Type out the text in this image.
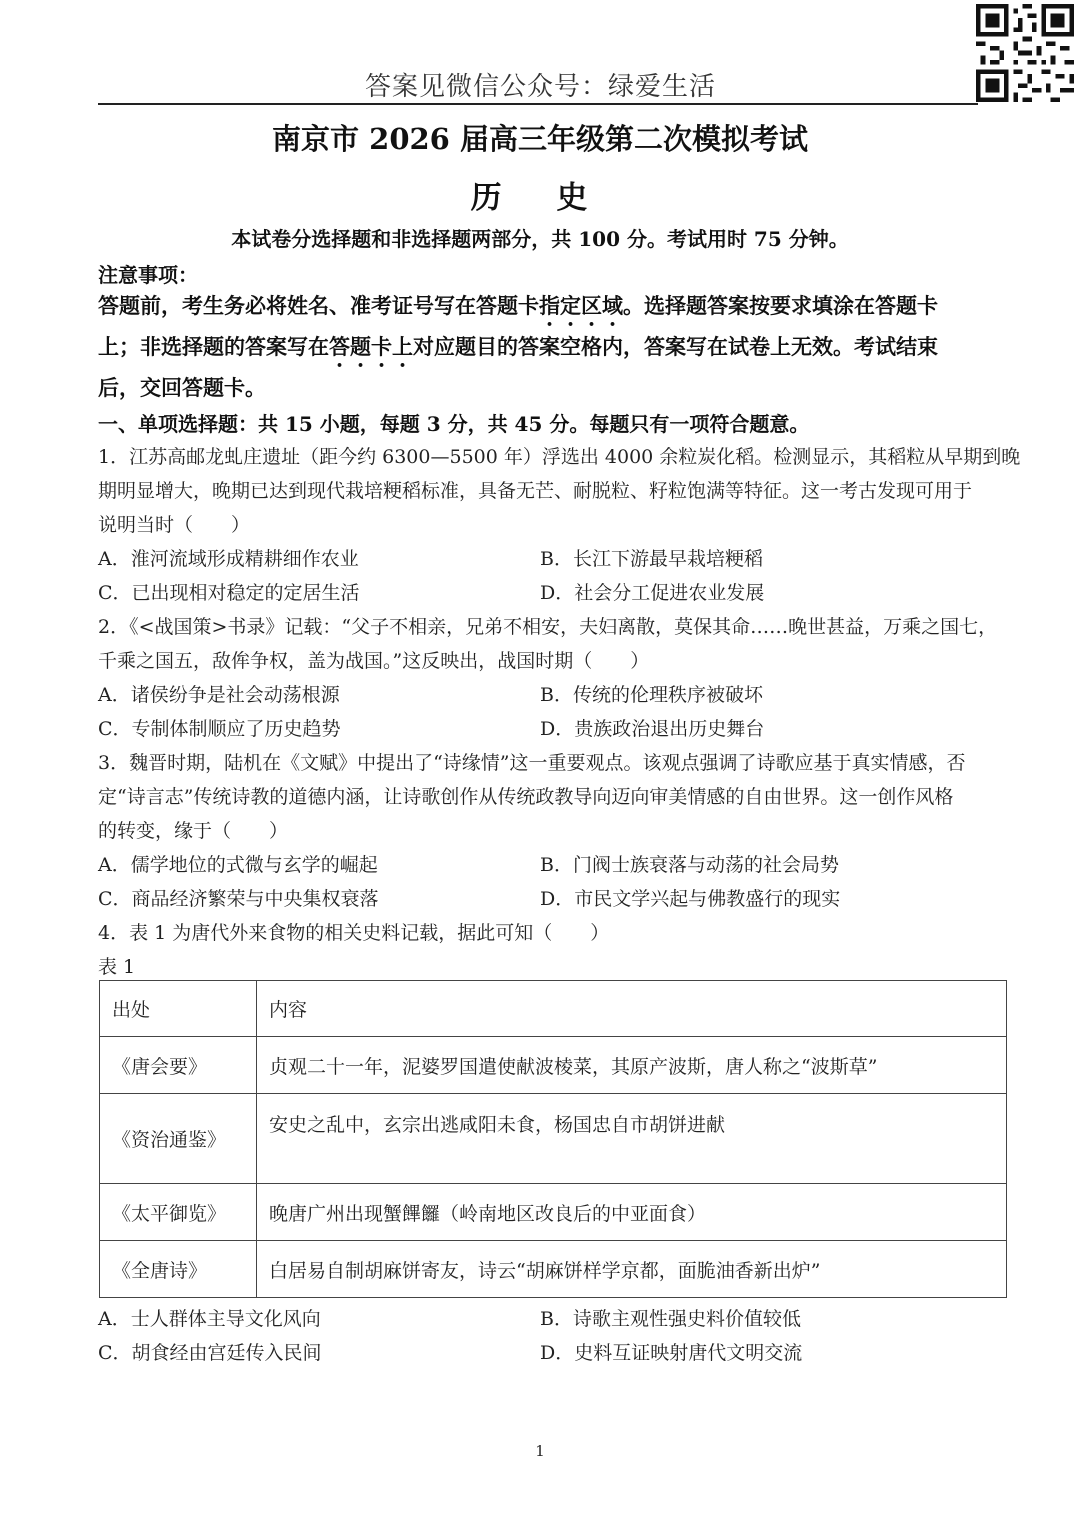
答案见微信公众号：绿爱生活
南京市 2026 届高三年级第二次模拟考试
历 史
本试卷分选择题和非选择题两部分，共 100 分。考试用时 75 分钟。
注意事项：
答题前，考生务必将姓名、准考证号写在答题卡指定区域。选择题答案按要求填涂在答题卡
上；非选择题的答案写在答题卡上对应题目的答案空格内，答案写在试卷上无效。考试结束
后，交回答题卡。
一、单项选择题：共 15 小题，每题 3 分，共 45 分。每题只有一项符合题意。
1．江苏高邮龙虬庄遗址（距今约 6300—5500 年）浮选出 4000 余粒炭化稻。检测显示，其稻粒从早期到晚
期明显增大，晚期已达到现代栽培粳稻标准，具备无芒、耐脱粒、籽粒饱满等特征。这一考古发现可用于
说明当时（　　）
A．淮河流域形成精耕细作农业	B．长江下游最早栽培粳稻
C．已出现相对稳定的定居生活	D．社会分工促进农业发展
2．《<战国策>书录》记载：“父子不相亲，兄弟不相安，夫妇离散，莫保其命……晚世甚益，万乘之国七，
千乘之国五，敌侔争权，盖为战国。”这反映出，战国时期（　　）
A．诸侯纷争是社会动荡根源	B．传统的伦理秩序被破坏
C．专制体制顺应了历史趋势	D．贵族政治退出历史舞台
3．魏晋时期，陆机在《文赋》中提出了“诗缘情”这一重要观点。该观点强调了诗歌应基于真实情感，否
定“诗言志”传统诗教的道德内涵，让诗歌创作从传统政教导向迈向审美情感的自由世界。这一创作风格
的转变，缘于（　　）
A．儒学地位的式微与玄学的崛起	B．门阀士族衰落与动荡的社会局势
C．商品经济繁荣与中央集权衰落	D．市民文学兴起与佛教盛行的现实
4．表 1 为唐代外来食物的相关史料记载，据此可知（　　）
表 1
出处	内容
《唐会要》	贞观二十一年，泥婆罗国遣使献波棱菜，其原产波斯，唐人称之“波斯草”
《资治通鉴》	安史之乱中，玄宗出逃咸阳未食，杨国忠自市胡饼进献
《太平御览》	晚唐广州出现蟹饆饠（岭南地区改良后的中亚面食）
《全唐诗》	白居易自制胡麻饼寄友，诗云“胡麻饼样学京都，面脆油香新出炉”
A．士人群体主导文化风向	B．诗歌主观性强史料价值较低
C．胡食经由宫廷传入民间	D．史料互证映射唐代文明交流
1
